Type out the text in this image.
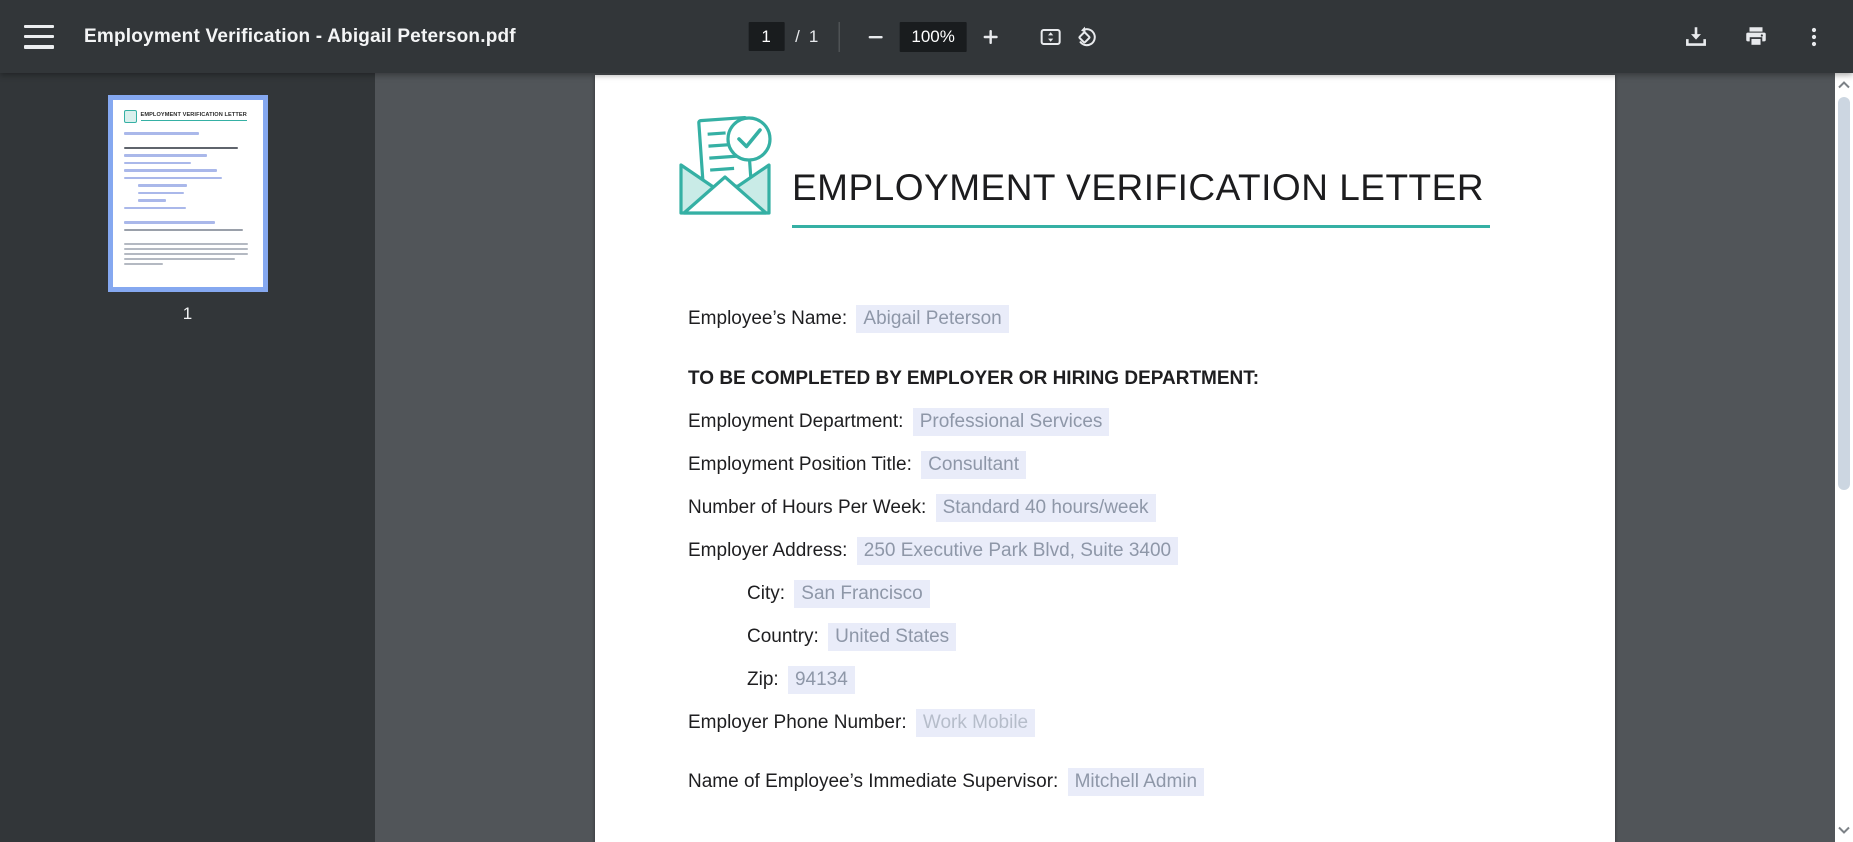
Employment Verification - Abigail Peterson.pdf
1	/ 1	100%
EMPLOYMENT VERIFICATION LETTER
1
EMPLOYMENT VERIFICATION LETTER
Employee’s Name: Abigail Peterson
TO BE COMPLETED BY EMPLOYER OR HIRING DEPARTMENT:
Employment Department: Professional Services
Employment Position Title: Consultant
Number of Hours Per Week: Standard 40 hours/week
Employer Address: 250 Executive Park Blvd, Suite 3400
City: San Francisco
Country: United States
Zip: 94134
Employer Phone Number: Work Mobile
Name of Employee’s Immediate Supervisor: Mitchell Admin
